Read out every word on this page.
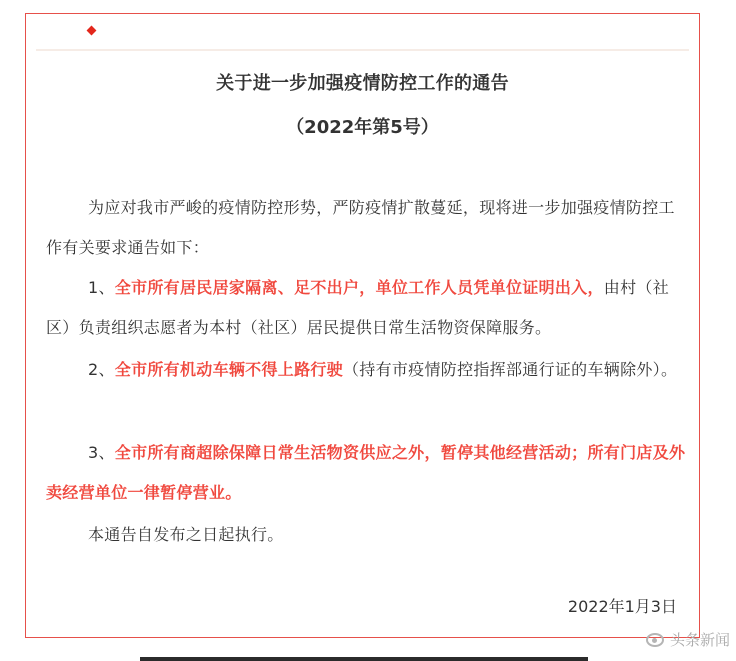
关于进一步加强疫情防控工作的通告
（2022年第5号）
为应对我市严峻的疫情防控形势，严防疫情扩散蔓延，现将进一步加强疫情防控工作有关要求通告如下：
1、全市所有居民居家隔离、足不出户，单位工作人员凭单位证明出入，由村（社区）负责组织志愿者为本村（社区）居民提供日常生活物资保障服务。
2、全市所有机动车辆不得上路行驶（持有市疫情防控指挥部通行证的车辆除外）。
3、全市所有商超除保障日常生活物资供应之外，暂停其他经营活动；所有门店及外卖经营单位一律暂停营业。
本通告自发布之日起执行。
2022年1月3日
头条新闻
